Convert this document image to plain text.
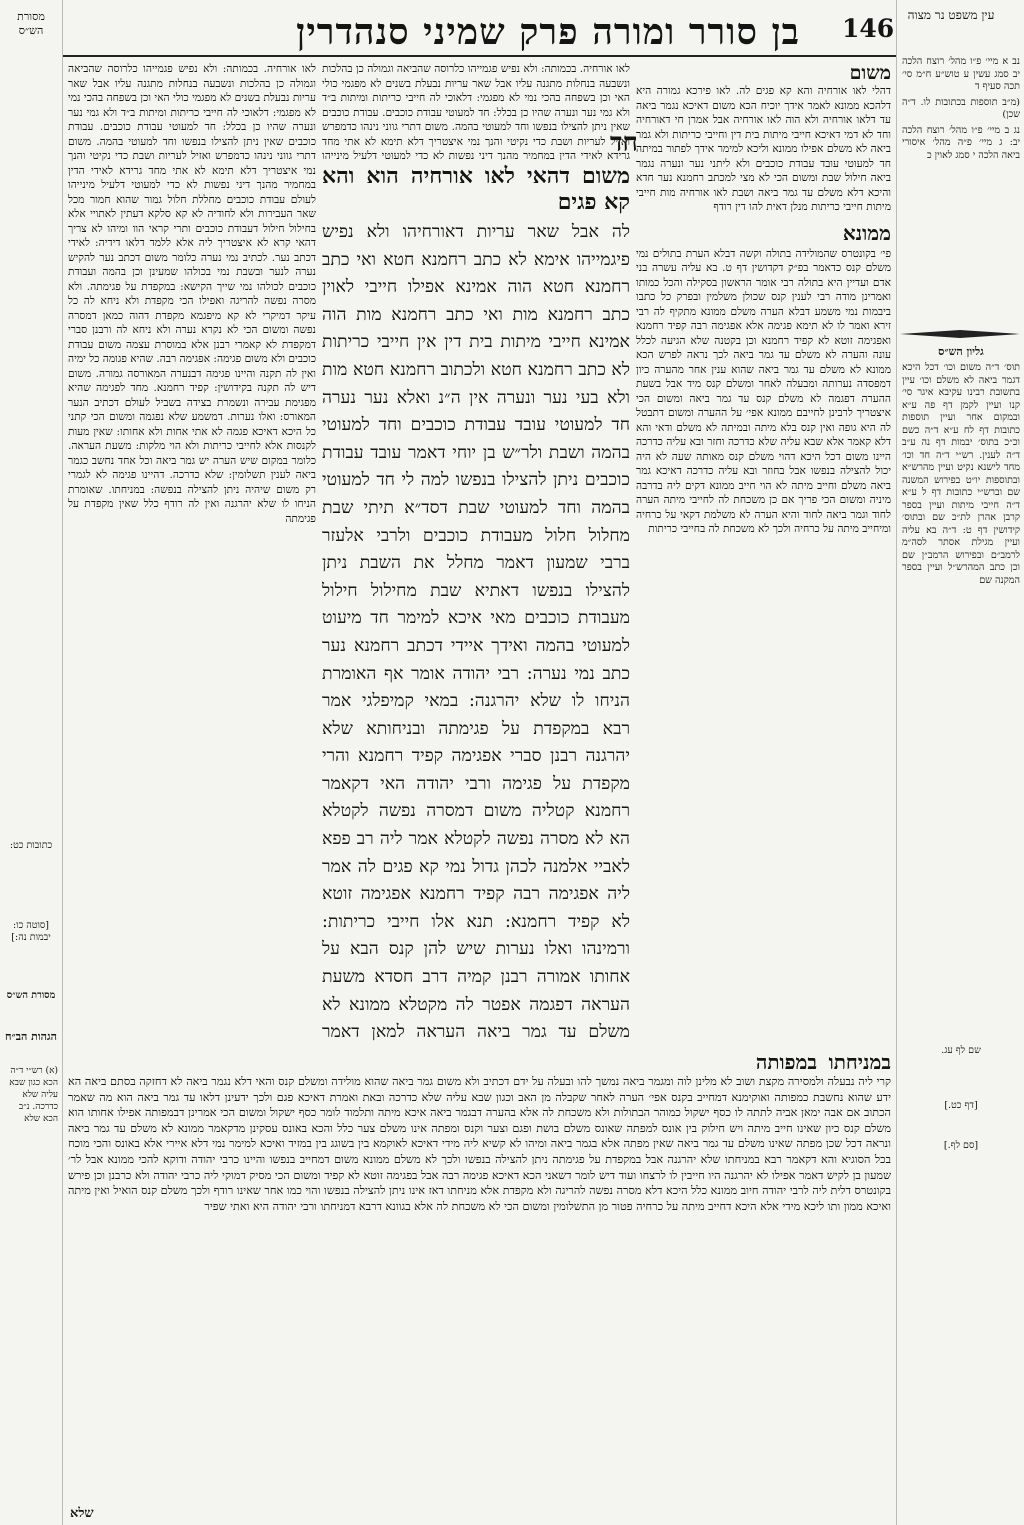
מסורת הש״ס	בן סורר ומורה פרק שמיני סנהדרין 146 עין משפט נר מצוה
משום

דהלי לאו אורחיה והא קא פגים לה. לאו פירכא גמורה היא דלהכא ממונא לאמר אידך יוכיח הכא משום דאיכא נגמר ביאה עד דלאו אורחיה ולא הוה לאו אורחיה אבל אמרן חי דאורחיה וחד לא דמי דאיכא חייבי מיתות בית דין וחייבי כריתות ולא גמר ביאה לא משלם אפילו ממונא וליכא למימר אידך לפתור במיתה חד למעוטי עובד עבודת כוכבים ולא ליתני נער ונערה נגמר ביאה חילול שבת ומשום הכי לא מצי למכתב רחמנא נער חדא והיכא דלא משלם עד גמר ביאה ושבת לאו אורחיה מות חייבי מיתות חייבי כריתות מנלן דאית להו דין רודף

ממונא

פי׳ בקונטרס שהמולידה בתולה וקשה דבלא הערת בתולים נמי משלם קנס כדאמר בפ״ק דקדושין דף ט. בא עליה עשרה בני אדם ועדיין היא בתולה רבי אומר הראשון בסקילה והכל כמותו ואמרינן מודה רבי לענין קנס שכולן משלמין ובפרק כל כתבו ביבמות נמי משמע דבלא הערה משלם ממונא מתקיף לה רבי זירא ואמר לו לא תימא פגימה אלא אפגימה רבה קפיד רחמנא ואפגימה זוטא לא קפיד רחמנא וכן בקטנה שלא הגיעה לכלל עונה והערה לא משלם עד גמר ביאה לכך נראה לפרש הכא ממונא לא משלם עד גמר ביאה שהוא ענין אחר מהערה כיון דמפסדה נערותה ומבעלה לאחר ומשלם קנס מיד אבל בשעת ההערה דפגמה לא משלם קנס עד גמר ביאה ומשום הכי איצטריך לרבינן לחייבם ממונא אפי׳ על ההערה ומשום דתבטל לה היא גופה ואין קנס בלא מיתה ובמיתה לא משלם ודאי והא דלא קאמר אלא שבא עליה שלא כדרכה וחזר ובא עליה כדרכה היינו משום דכל היכא דהוי משלם קנס מאותה שעה לא היה יכול להצילה בנפשו אבל בחוזר ובא עליה כדרכה דאיכא גמר ביאה משלם וחייב מיתה לא הוי חייב ממונא דקים ליה בדרבה מיניה ומשום הכי פריך אם כן משכחת לה לחייבי מיתה הערה לחוד וגמר ביאה לחוד והיא הערה לא משלמת דקאי על כרחיה ומיחייב מיתה על כרחיה ולכך לא משכחת לה בחייבי כריתות

לאו אורחיה. בכמותה: ולא נפיש פגמייהו כלרוסה שהביאה וגמולה כן בהלכות ונשבעה בנחלות מתגנה עליו אבל שאר עריות נבעלת בשנים לא מפגמי כולי האי וכן בשפחה בהכי נמי לא מפגמי: דלאוכי לה חייבי כריתות ומיתות ב״ד ולא גמי נער ונערה שהיו כן בכלל: חד למעוטי עבודת כוכבים. עבודת כוכבים שאין ניתן להצילו בנפשו וחד למעוטי בהמה. משום דתרי גווני נינהו כדמפרש ואזיל לעריות ושבת כדי נקיטי והנך נמי איצטריך דלא תימא לא אתי מחד גרידא לאידי הדין במחמיר מהנך דיני נפשות לא כדי למעוטי דלעיל מינייהו לעולם עבודת כוכבים מחללת חלול גמור שהוא חמור מכל שאר העבירות ולא לחודיה לא קא סלקא דעתין לאתויי אלא בחילול חילול דעבודת כוכבים ותרי קראי הוו ומיהו לא צריך דהאי קרא לא איצטריך ליה אלא ללמד דלאו דידיה: לאידי דכתב נער. לכתיב נמי נערה כלומר משום דכתב נער להקיש נערה לנער ובשבת נמי בכולהו שמעינן וכן בהמה ועבודת כוכבים לכולהו נמי שייך הקישא: במקפדת על פגימתה. ולא מסרה נפשה להריגה ואפילו הכי מקפדת ולא ניחא לה כל עיקר דמיקרי לא קא מיפגמא מקפדת דהוה כמאן דמסרה נפשה ומשום הכי לא נקרא נערה ולא ניחא לה ורבנן סברי דמקפדת לא קאמרי רבנן אלא במוסרת עצמה משום עבודת כוכבים ולא משום פגימה: אפגימה רבה. שהיא פגומה כל ימיה ואין לה תקנה והיינו פגימה דבנערה המאורסה גמורה. משום דיש לה תקנה בקידושין: קפיד רחמנא. מחד לפגימה שהיא מפגימת עבירה ונשמרת בצידה בשביל לעולם דכתיב הנער המאורס: ואלו נערות. דמשמע שלא נפגמה ומשום הכי קתני כל היכא דאיכא פגמה לא אתי אחות ולא אחותו: שאין מעות לקנסות אלא לחייבי כריתות ולא הוי מלקות: משעת העראה. כלומר במקום שיש הערה יש גמר ביאה וכל אחד נחשב כגמר ביאה לענין תשלומין: שלא כדרכה. דהיינו פגימה לא לגמרי רק משום שיהיה ניתן להצילה בנפשה: במניחתו. שאומרת הניחו לו שלא יהרגנה ואין לה רודף כלל שאין מקפדת על פגימתה

לאו אורחיה. בכמותה: ולא נפיש פגמייהו כלרוסה שהביאה וגמולה כן בהלכות ונשבעה בנחלות מתגנה עליו אבל שאר עריות נבעלת בשנים לא מפגמי כולי האי וכן בשפחה בהכי נמי לא מפגמי: דלאוכי לה חייבי כריתות ומיתות ב״ד ולא גמי נער ונערה שהיו כן בכלל: חד למעוטי עבודת כוכבים. עבודת כוכבים שאין ניתן להצילו בנפשו וחד למעוטי בהמה. משום דתרי גווני נינהו כדמפרש ואזיל לעריות ושבת כדי נקיטי והנך נמי איצטריך דלא תימא לא אתי מחד גרידא לאידי הדין במחמיר מהנך דיני נפשות לא כדי למעוטי דלעיל מינייהו	חד
משום דהאי לאו אורחיה הוא והא קא פגים
לה אבל שאר עריות דאורחיהו ולא נפיש פיגמייהו אימא לא כתב רחמנא חטא ואי כתב רחמנא חטא הוה אמינא אפילו חייבי לאוין כתב רחמנא מות ואי כתב רחמנא מות הוה אמינא חייבי מיתות בית דין אין חייבי כריתות לא כתב רחמנא חטא ולכתוב רחמנא חטא מות ולא בעי נער ונערה אין ה״נ ואלא נער נערה חד למעוטי עובד עבודת כוכבים וחד למעוטי בהמה ושבת ולר״ש בן יוחי דאמר עובד עבודת כוכבים ניתן להצילו בנפשו למה לי חד למעוטי בהמה וחד למעוטי שבת דסד״א תיתי שבת מחלול חלול מעבודת כוכבים ולרבי אלעזר ברבי שמעון דאמר מחלל את השבת ניתן להצילו בנפשו דאתיא שבת מחילול חילול מעבודת כוכבים מאי איכא למימר חד מיעוט למעוטי בהמה ואידך איידי דכתב רחמנא נער כתב נמי נערה: רבי יהודה אומר אף האומרת הניחו לו שלא יהרגנה: במאי קמיפלגי אמר רבא במקפדת על פגימתה ובניחותא שלא יהרגנה רבנן סברי אפגימה קפיד רחמנא והרי מקפדת על פגימה ורבי יהודה האי דקאמר רחמנא קטליה משום דמסרה נפשה לקטלא הא לא מסרה נפשה לקטלא אמר ליה רב פפא לאביי אלמנה לכהן גדול נמי קא פגים לה אמר ליה אפגימה רבה קפיד רחמנא אפגימה זוטא לא קפיד רחמנא: תנא אלו חייבי כריתות: ורמינהו ואלו נערות שיש להן קנס הבא על אחותו אמורה רבנן קמיה דרב חסדא משעת העראה דפגמה אפטר לה מקטלא ממונא לא משלם עד גמר ביאה העראה למאן דאמר
במניחתו במפותה

קרי ליה נבעלה ולמסירה מקצת ושוב לא מלינן לוה ומגמר ביאה נמשך להו ובעלה על ידם דכתיב ולא משום גמר ביאה שהוא מולידה ומשלם קנס והאי דלא נגמר ביאה לא דחזקה בסתם ביאה הא ידע שהוא נחשבת כמפותה ואוקימנא דמחייב בקנס אפי׳ הערה לאחר שקבלה מן האב וכגון שבא עליה שלא כדרכה ובאת ואמרת דאיכא פגם ולכך ידעינן דלאו עד גמר ביאה הוא מה שאמר הכתוב אם אבה ימאן אביה לתתה לו כסף ישקול כמוהר הבתולות ולא משכחת לה אלא בהערה דבגמר ביאה איכא מיתה ותלמוד לומר כסף ישקול ומשום הכי אמרינן דבמפותה אפילו אחותו הוא משלם קנס כיון שאינו חייב מיתה ויש חילוק בין אונס למפתה שאונס משלם בושת ופגם וצער וקנס ומפתה אינו משלם צער כלל והכא באונס עסקינן מדקאמר ממונא לא משלם עד גמר ביאה ונראה דכל שכן מפתה שאינו משלם עד גמר ביאה שאין מפתה אלא בגמר ביאה ומיהו לא קשיא ליה מידי דאיכא לאוקמא בין בשוגג בין במזיד ואיכא למימר נמי דלא איירי אלא באונס והכי מוכח בכל הסוגיא והא דקאמר רבא במניחתו שלא יהרגנה אבל במקפדת על פגימתה ניתן להצילה בנפשו ולכך לא משלם ממונא משום דמחייב בנפשו והיינו כרבי יהודה ודוקא להכי ממונא אבל לר׳ שמעון בן לקיש דאמר אפילו לא יהרגנה היו חייבין לו לרצחו ועוד דיש לומר דשאני הכא דאיכא פגימה רבה אבל בפגימה זוטא לא קפיד ומשום הכי מסיק דמוקי ליה כרבי יהודה ולא כרבנן וכן פירש בקונטרס דלית ליה לרבי יהודה חיוב ממונא כלל היכא דלא מסרה נפשה להריגה ולא מקפדת אלא מניחתו דאז אינו ניתן להצילה בנפשו והוי כמו אחר שאינו רודף ולכך משלם קנס הואיל ואין מיתה ואיכא ממון ותו ליכא מידי אלא היכא דחייב מיתה על כרחיה פטור מן התשלומין ומשום הכי לא משכחת לה אלא בגוונא דרבא דמניחתו ורבי יהודה היא ואתי שפיר

שלא
נב א מיי׳ פ״ו מהל׳ רוצח הלכה יב סמג עשין ע טוש״ע ח״מ סי׳ תכה סעיף ד
(מ״ב תוספות בכתובות לו. ד״ה שכן)
נג ב מיי׳ פ״ו מהל׳ רוצח הלכה יב: ג מיי׳ פ״ה מהל׳ איסורי ביאה הלכה י סמג לאוין כ
גליון הש״ס
תוס׳ ד״ה משום וכו׳ דכל היכא דגמר ביאה לא משלם וכו׳ עיין בתשובת רבינו עקיבא איגר סי׳ קנו ועיין לקמן דף פה ע״א ובמקום אחר ועיין תוספות כתובות דף לח ע״א ד״ה כשם וכ״כ בתוס׳ יבמות דף נה ע״ב ד״ה לענין. רש״י ד״ה חד וכו׳ מחד לישנא נקיט ועיין מהרש״א ובתוספות יו״ט בפירוש המשנה שם וברש״י כתובות דף ל ע״א ד״ה חייבי מיתות ועיין בספר קרבן אהרן לת״כ שם ובתוס׳ קידושין דף ט: ד״ה בא עליה ועיין מגילת אסתר לסה״מ לרמב״ם ובפירוש הרמב״ן שם וכן כתב המהרש״ל ועיין בספר המקנה שם
שם לף עג.
[דף כט.]
[סם לף.]
כתובות כט:
[סוטה כו: יבמות נה:]
מסורת הש״ס
הגהות הב״ח
(א) רש״י ד״ה הכא כגון שבא עליה שלא כדרכה. נ״ב הכא שלא
